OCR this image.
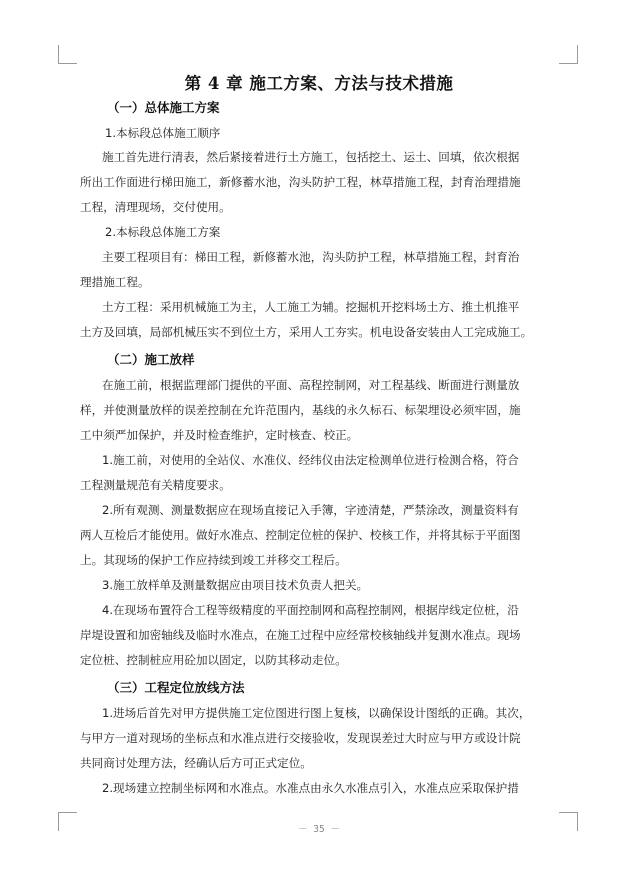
第 4 章 施工方案、方法与技术措施
（一）总体施工方案
1.本标段总体施工顺序
施工首先进行清表，然后紧接着进行土方施工，包括挖土、运土、回填，依次根据
所出工作面进行梯田施工，新修蓄水池，沟头防护工程，林草措施工程，封育治理措施
工程，清理现场，交付使用。
2.本标段总体施工方案
主要工程项目有：梯田工程，新修蓄水池，沟头防护工程，林草措施工程，封育治
理措施工程。
土方工程：采用机械施工为主，人工施工为辅。挖掘机开挖料场土方、推土机推平
土方及回填，局部机械压实不到位土方，采用人工夯实。机电设备安装由人工完成施工。
（二）施工放样
在施工前，根据监理部门提供的平面、高程控制网，对工程基线、断面进行测量放
样，并使测量放样的误差控制在允许范围内，基线的永久标石、标架埋设必须牢固，施
工中须严加保护，并及时检查维护，定时核查、校正。
1.施工前，对使用的全站仪、水准仪、经纬仪由法定检测单位进行检测合格，符合
工程测量规范有关精度要求。
2.所有观测、测量数据应在现场直接记入手簿，字迹清楚，严禁涂改，测量资料有
两人互检后才能使用。做好水准点、控制定位桩的保护、校核工作，并将其标于平面图
上。其现场的保护工作应持续到竣工并移交工程后。
3.施工放样单及测量数据应由项目技术负责人把关。
4.在现场布置符合工程等级精度的平面控制网和高程控制网，根据岸线定位桩，沿
岸堤设置和加密轴线及临时水准点，在施工过程中应经常校核轴线并复测水准点。现场
定位桩、控制桩应用砼加以固定，以防其移动走位。
（三）工程定位放线方法
1.进场后首先对甲方提供施工定位图进行图上复核，以确保设计图纸的正确。其次，
与甲方一道对现场的坐标点和水准点进行交接验收，发现误差过大时应与甲方或设计院
共同商讨处理方法，经确认后方可正式定位。
2.现场建立控制坐标网和水准点。水准点由永久水准点引入，水准点应采取保护措
－ 35 －
